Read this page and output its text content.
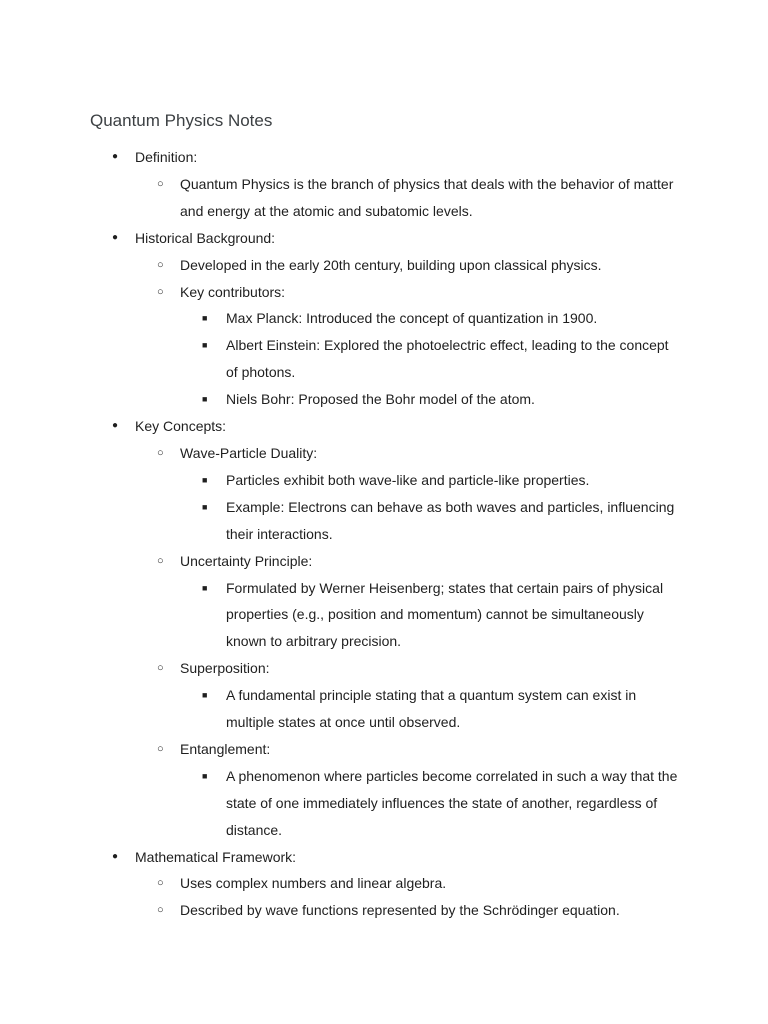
Quantum Physics Notes
● Definition:
○ Quantum Physics is the branch of physics that deals with the behavior of matter and energy at the atomic and subatomic levels.
● Historical Background:
○ Developed in the early 20th century, building upon classical physics.
○ Key contributors:
■ Max Planck: Introduced the concept of quantization in 1900.
■ Albert Einstein: Explored the photoelectric effect, leading to the concept of photons.
■ Niels Bohr: Proposed the Bohr model of the atom.
● Key Concepts:
○ Wave-Particle Duality:
■ Particles exhibit both wave-like and particle-like properties.
■ Example: Electrons can behave as both waves and particles, influencing their interactions.
○ Uncertainty Principle:
■ Formulated by Werner Heisenberg; states that certain pairs of physical properties (e.g., position and momentum) cannot be simultaneously known to arbitrary precision.
○ Superposition:
■ A fundamental principle stating that a quantum system can exist in multiple states at once until observed.
○ Entanglement:
■ A phenomenon where particles become correlated in such a way that the state of one immediately influences the state of another, regardless of distance.
● Mathematical Framework:
○ Uses complex numbers and linear algebra.
○ Described by wave functions represented by the Schrödinger equation.
